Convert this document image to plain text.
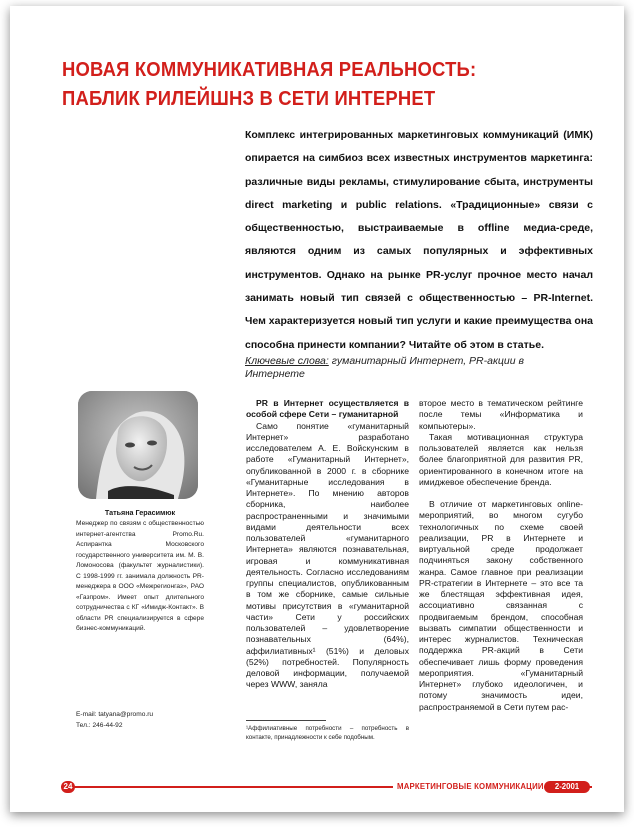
НОВАЯ КОММУНИКАТИВНАЯ РЕАЛЬНОСТЬ:
ПАБЛИК РИЛЕЙШНЗ В СЕТИ ИНТЕРНЕТ
Комплекс интегрированных маркетинговых коммуникаций (ИМК) опирается на симбиоз всех известных инструментов маркетинга: различные виды рекламы, стимулирование сбыта, инструменты direct marketing и public relations. «Традиционные» связи с общественностью, выстраиваемые в offline медиа-среде, являются одним из самых популярных и эффективных инструментов. Однако на рынке PR-услуг прочное место начал занимать новый тип связей с общественностью – PR-Internet. Чем характеризуется новый тип услуги и какие преимущества она способна принести компании? Читайте об этом в статье.
Ключевые слова: гуманитарный Интернет, PR-акции в Интернете
Татьяна Герасимюк
Менеджер по связям с общественностью интернет-агентства Promo.Ru. Аспирантка Московского государственного университета им. М. В. Ломоносова (факультет журналистики). С 1998-1999 гг. занимала должность PR-менеджера в ООО «Межрегионгаз», РАО «Газпром». Имеет опыт длительного сотрудничества с КГ «Имидж-Контакт». В области PR специализируется в сфере бизнес-коммуникаций.
E-mail: tatyana@promo.ru
Тел.: 246-44-92

PR в Интернет осуществляется в особой сфере Сети – гуманитарной

Само понятие «гуманитарный Интернет» разработано исследователем А. Е. Войскунским в работе «Гуманитарный Интернет», опубликованной в 2000 г. в сборнике «Гуманитарные исследования в Интернете». По мнению авторов сборника, наиболее распространенными и значимыми видами деятельности всех пользователей «гуманитарного Интернета» являются познавательная, игровая и коммуникативная деятельность. Согласно исследованиям группы специалистов, опубликованным в том же сборнике, самые сильные мотивы присутствия в «гуманитарной части» Сети у российских пользователей – удовлетворение познавательных (64%), аффилиативных¹ (51%) и деловых (52%) потребностей. Популярность деловой информации, получаемой через WWW, заняла

второе место в тематическом рейтинге после темы «Информатика и компьютеры».

Такая мотивационная структура пользователей является как нельзя более благоприятной для развития PR, ориентированного в конечном итоге на имиджевое обеспечение бренда.

В отличие от маркетинговых online-мероприятий, во многом сугубо технологичных по схеме своей реализации, PR в Интернете и виртуальной среде продолжает подчиняться закону собственного жанра. Самое главное при реализации PR-стратегии в Интернете – это все та же блестящая эффективная идея, ассоциативно связанная с продвигаемым брендом, способная вызвать симпатии общественности и интерес журналистов. Техническая поддержка PR-акций в Сети обеспечивает лишь форму проведения мероприятия. «Гуманитарный Интернет» глубоко идеологичен, и потому значимость идеи, распространяемой в Сети путем рас-

¹Аффилиативные потребности – потребность в контакте, принадлежности к себе подобным.
24	МАРКЕТИНГОВЫЕ КОММУНИКАЦИИ	2-2001
